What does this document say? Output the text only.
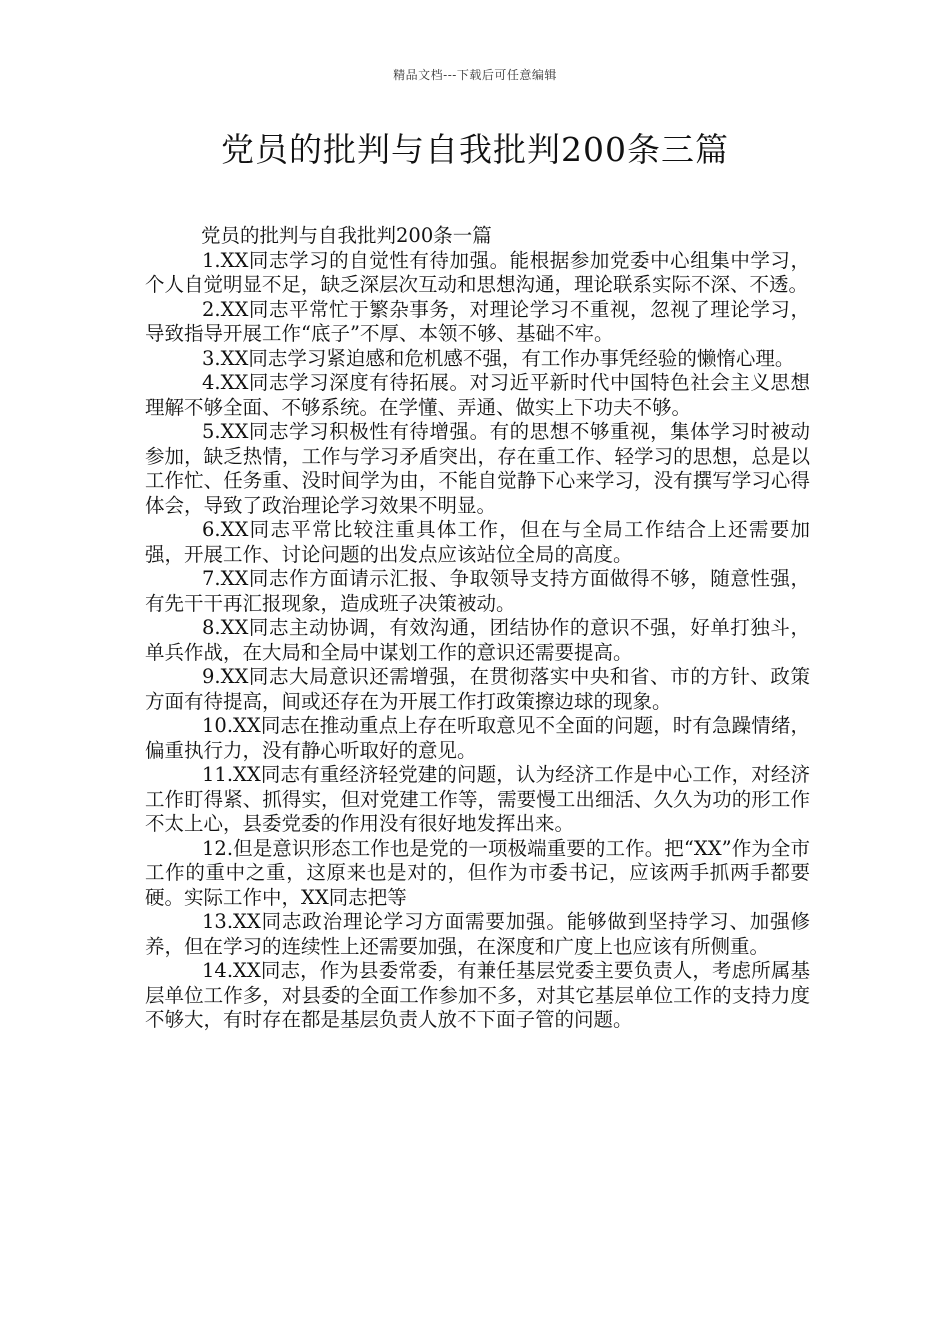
精品文档---下载后可任意编辑
党员的批判与自我批判200条三篇

党员的批判与自我批判200条一篇

1.XX同志学习的自觉性有待加强。能根据参加党委中心组集中学习，个人自觉明显不足，缺乏深层次互动和思想沟通，理论联系实际不深、不透。

2.XX同志平常忙于繁杂事务，对理论学习不重视，忽视了理论学习，导致指导开展工作“底子”不厚、本领不够、基础不牢。

3.XX同志学习紧迫感和危机感不强，有工作办事凭经验的懒惰心理。

4.XX同志学习深度有待拓展。对习近平新时代中国特色社会主义思想理解不够全面、不够系统。在学懂、弄通、做实上下功夫不够。

5.XX同志学习积极性有待增强。有的思想不够重视，集体学习时被动参加，缺乏热情，工作与学习矛盾突出，存在重工作、轻学习的思想，总是以工作忙、任务重、没时间学为由，不能自觉静下心来学习，没有撰写学习心得体会，导致了政治理论学习效果不明显。

6.XX同志平常比较注重具体工作，但在与全局工作结合上还需要加强，开展工作、讨论问题的出发点应该站位全局的高度。

7.XX同志作方面请示汇报、争取领导支持方面做得不够，随意性强，有先干干再汇报现象，造成班子决策被动。

8.XX同志主动协调，有效沟通，团结协作的意识不强，好单打独斗，单兵作战，在大局和全局中谋划工作的意识还需要提高。

9.XX同志大局意识还需增强，在贯彻落实中央和省、市的方针、政策方面有待提高，间或还存在为开展工作打政策擦边球的现象。

10.XX同志在推动重点上存在听取意见不全面的问题，时有急躁情绪，偏重执行力，没有静心听取好的意见。

11.XX同志有重经济轻党建的问题，认为经济工作是中心工作，对经济工作盯得紧、抓得实，但对党建工作等，需要慢工出细活、久久为功的形工作不太上心，县委党委的作用没有很好地发挥出来。

12.但是意识形态工作也是党的一项极端重要的工作。把“XX”作为全市工作的重中之重，这原来也是对的，但作为市委书记，应该两手抓两手都要硬。实际工作中，XX同志把等

13.XX同志政治理论学习方面需要加强。能够做到坚持学习、加强修养，但在学习的连续性上还需要加强，在深度和广度上也应该有所侧重。

14.XX同志，作为县委常委，有兼任基层党委主要负责人，考虑所属基层单位工作多，对县委的全面工作参加不多，对其它基层单位工作的支持力度不够大，有时存在都是基层负责人放不下面子管的问题。
